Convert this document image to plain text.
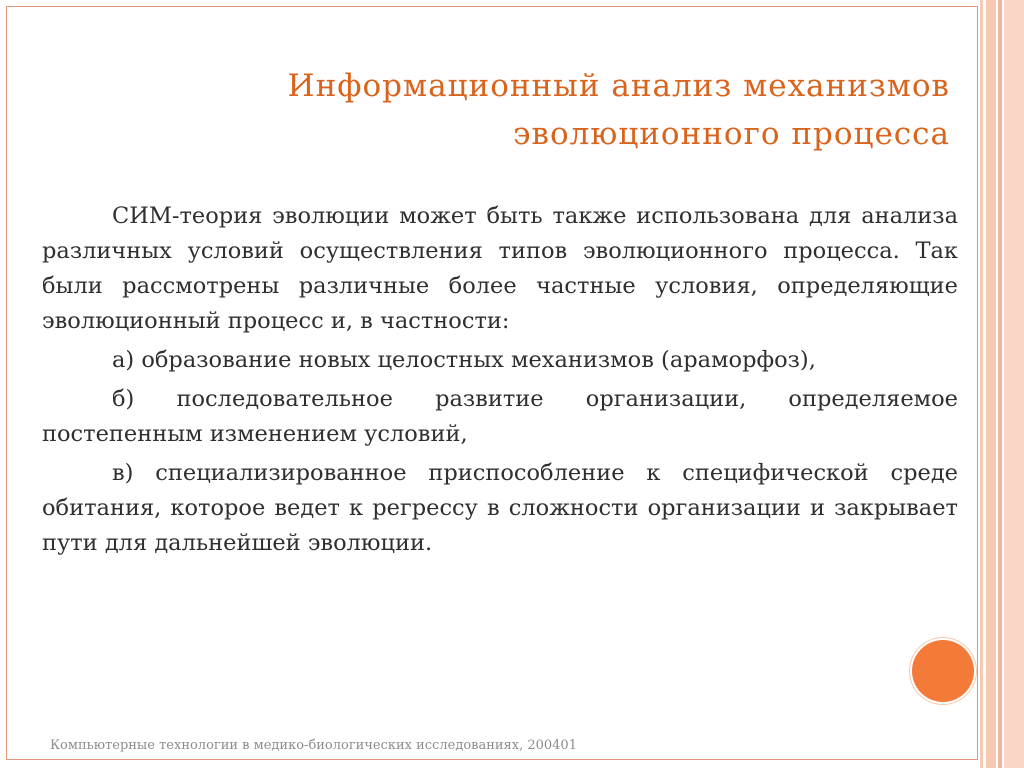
Информационный анализ механизмов
эволюционного процесса

СИМ-теория эволюции может быть также использована для анализа различных условий осуществления типов эволюционного процесса. Так были рассмотрены различные более частные условия, определяющие эволюционный процесс и, в частности:

а) образование новых целостных механизмов (араморфоз),

б) последовательное развитие организации, определяемое постепенным изменением условий,

в) специализированное приспособление к специфической среде обитания, которое ведет к регрессу в сложности организации и закрывает пути для дальнейшей эволюции.

Компьютерные технологии в медико-биологических исследованиях, 200401
